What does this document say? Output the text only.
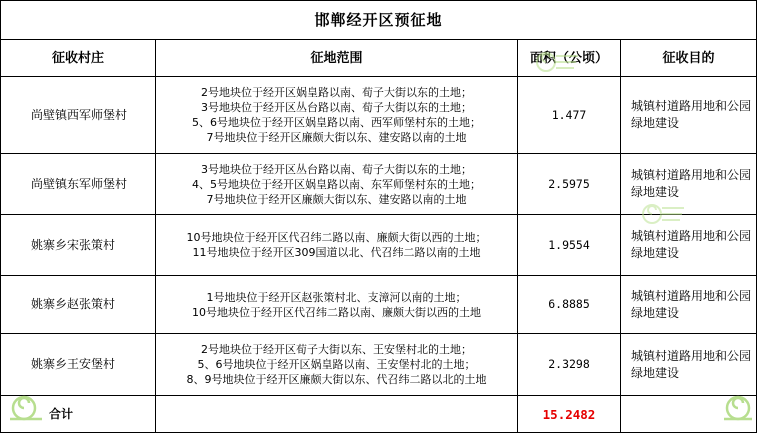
邯郸经开区预征地			
征收村庄	征地范围	面积（公顷）	征收目的
尚壁镇西军师堡村	2号地块位于经开区娲皇路以南、荀子大街以东的土地；
3号地块位于经开区丛台路以南、荀子大街以东的土地；
5、6号地块位于经开区娲皇路以南、西军师堡村东的土地；
7号地块位于经开区廉颇大街以东、建安路以南的土地	1.477	城镇村道路用地和公园绿地建设
尚壁镇东军师堡村	3号地块位于经开区丛台路以南、荀子大街以东的土地；
4、5号地块位于经开区娲皇路以南、东军师堡村东的土地；
7号地块位于经开区廉颇大街以东、建安路以南的土地	2.5975	城镇村道路用地和公园绿地建设
姚寨乡宋张策村	10号地块位于经开区代召纬二路以南、廉颇大街以西的土地；
11号地块位于经开区309国道以北、代召纬二路以南的土地	1.9554	城镇村道路用地和公园绿地建设
姚寨乡赵张策村	1号地块位于经开区赵张策村北、支漳河以南的土地；
10号地块位于经开区代召纬二路以南、廉颇大街以西的土地	6.8885	城镇村道路用地和公园绿地建设
姚寨乡王安堡村	2号地块位于经开区荀子大街以东、王安堡村北的土地；
5、6号地块位于经开区娲皇路以南、王安堡村北的土地；
8、9号地块位于经开区廉颇大街以东、代召纬二路以北的土地	2.3298	城镇村道路用地和公园绿地建设
合计		15.2482	
